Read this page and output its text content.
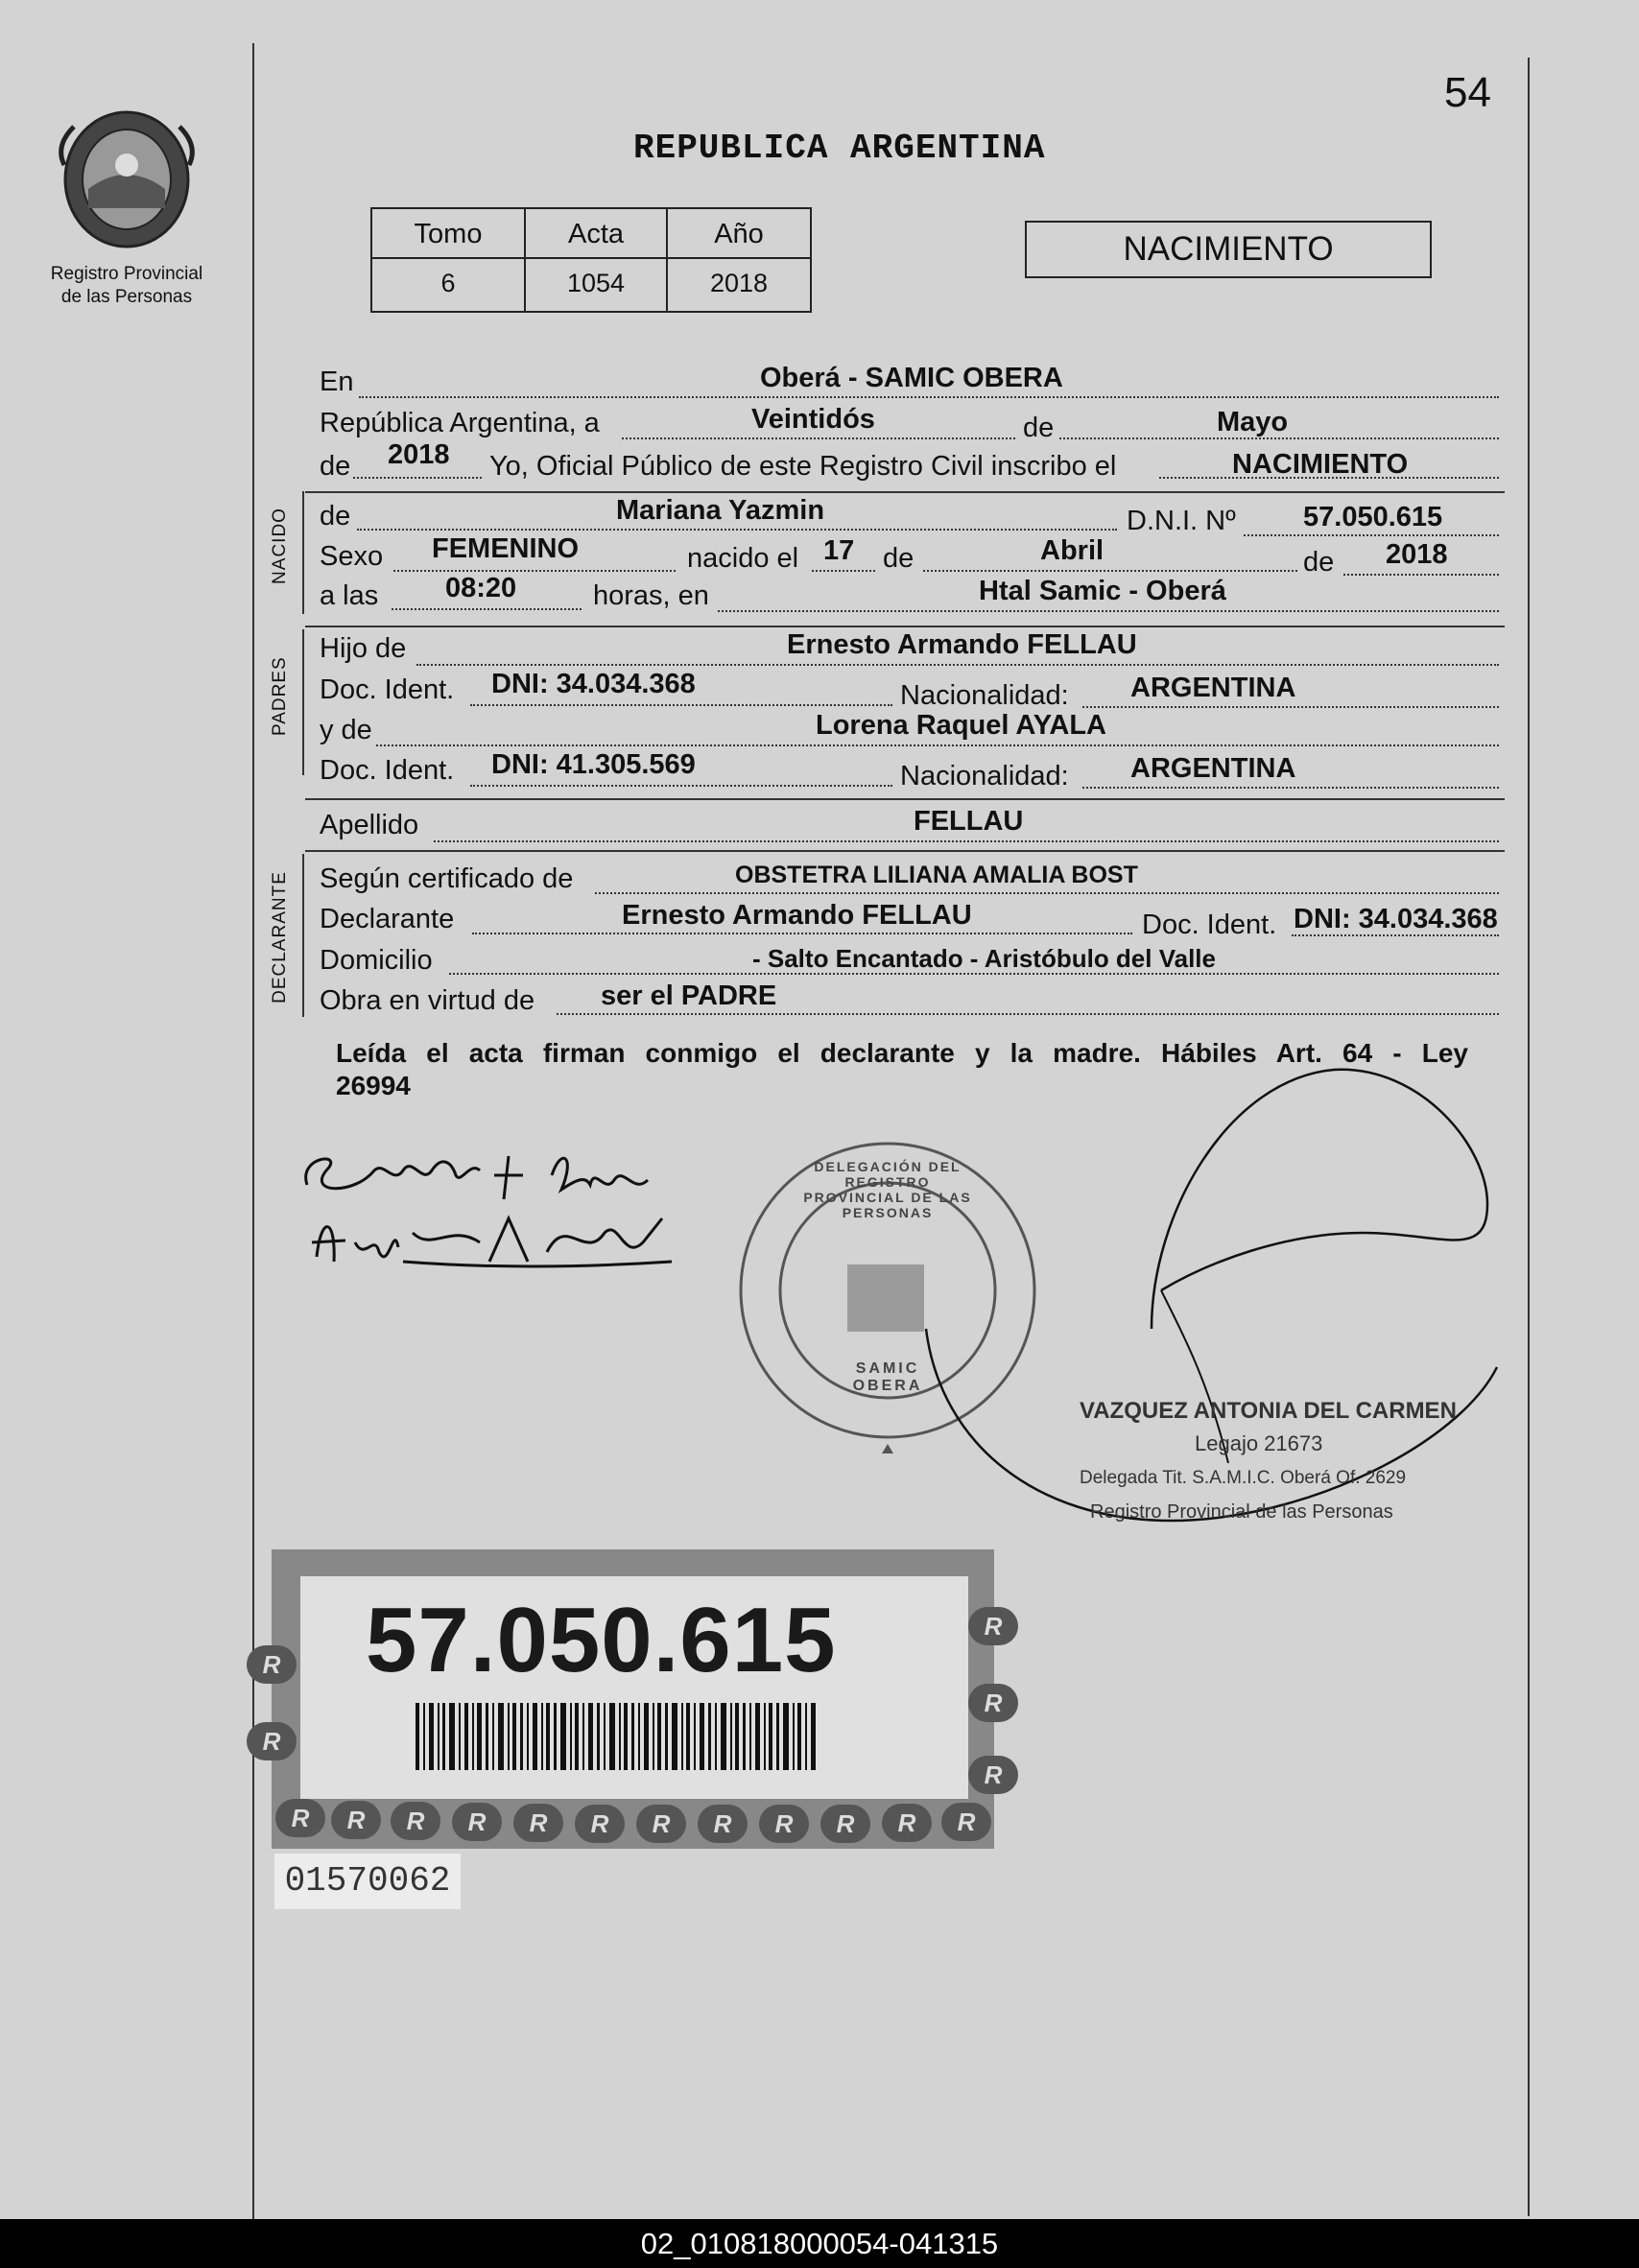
54
Registro Provincial
de las Personas
REPUBLICA ARGENTINA
Tomo	Acta	Año
6	1054	2018
NACIMIENTO
En	Oberá - SAMIC OBERA
República Argentina, a	Veintidós	de	Mayo
de 2018 Yo, Oficial Público de este Registro Civil inscribo el	NACIMIENTO
NACIDO de	Mariana Yazmin	D.N.I. Nº 57.050.615
Sexo FEMENINO	nacido el 17 de	Abril	de 2018
a las 08:20	horas, en	Htal Samic - Oberá
PADRES
Hijo de	Ernesto Armando FELLAU
Doc. Ident. DNI: 34.034.368	Nacionalidad: ARGENTINA
y de	Lorena Raquel AYALA
Doc. Ident. DNI: 41.305.569	Nacionalidad: ARGENTINA
Apellido	FELLAU
DECLARANTE Según certificado de	OBSTETRA LILIANA AMALIA BOST
Declarante	Ernesto Armando FELLAU	Doc. Ident. DNI: 34.034.368
Domicilio	- Salto Encantado - Aristóbulo del Valle
Obra en virtud de ser el PADRE
Leída el acta firman conmigo el declarante y la madre. Hábiles Art. 64 - Ley
26994
DELEGACIÓN DEL REGISTRO PROVINCIAL DE LAS PERSONAS
SAMIC OBERA
VAZQUEZ ANTONIA DEL CARMEN
Legajo 21673
Delegada Tit. S.A.M.I.C. Oberá Of. 2629
Registro Provincial de las Personas
R	R	R	R	R	R	R	R	R	R	R	R
R
R
R
R
R
57.050.615
01570062
02_010818000054-041315
